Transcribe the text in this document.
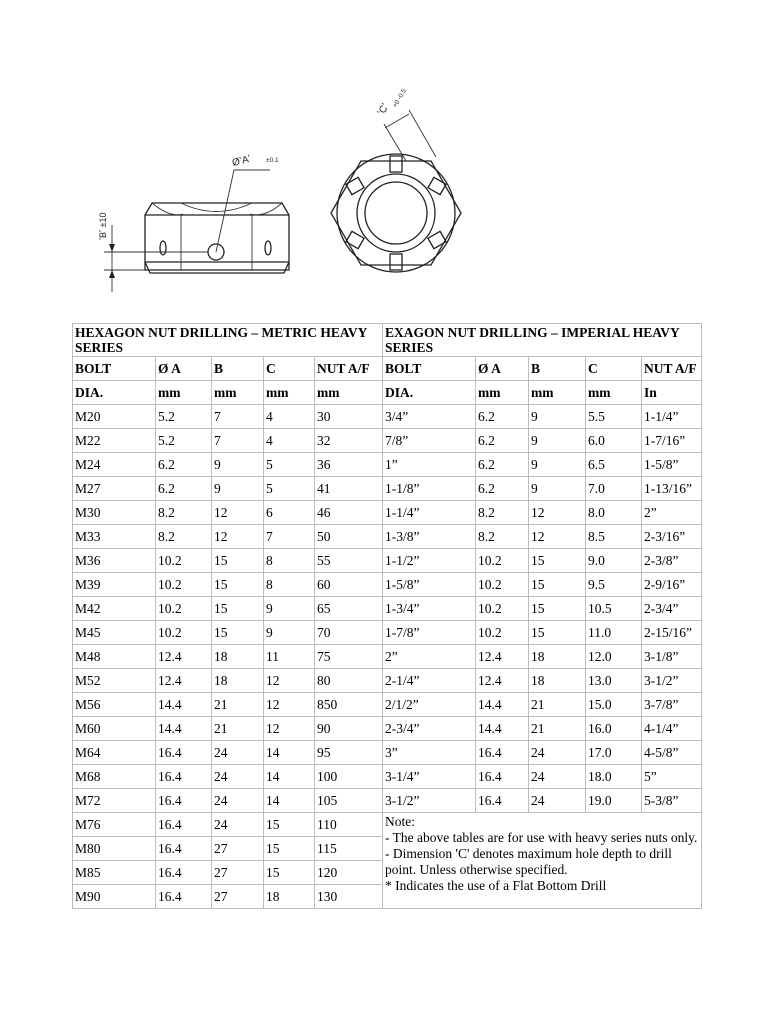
ØʼAʼ ±0.1
ʼBʼ ±10
ʼCʼ
+0 -0.5
HEXAGON NUT DRILLING – METRIC HEAVY SERIES					EXAGON NUT DRILLING – IMPERIAL HEAVY SERIES				
BOLT	Ø A	B	C	NUT A/F	BOLT	Ø A	B	C	NUT A/F
DIA.	mm	mm	mm	mm	DIA.	mm	mm	mm	In
M20	5.2	7	4	30	3/4”	6.2	9	5.5	1-1/4”
M22	5.2	7	4	32	7/8”	6.2	9	6.0	1-7/16”
M24	6.2	9	5	36	1”	6.2	9	6.5	1-5/8”
M27	6.2	9	5	41	1-1/8”	6.2	9	7.0	1-13/16”
M30	8.2	12	6	46	1-1/4”	8.2	12	8.0	2”
M33	8.2	12	7	50	1-3/8”	8.2	12	8.5	2-3/16”
M36	10.2	15	8	55	1-1/2”	10.2	15	9.0	2-3/8”
M39	10.2	15	8	60	1-5/8”	10.2	15	9.5	2-9/16”
M42	10.2	15	9	65	1-3/4”	10.2	15	10.5	2-3/4”
M45	10.2	15	9	70	1-7/8”	10.2	15	11.0	2-15/16”
M48	12.4	18	11	75	2”	12.4	18	12.0	3-1/8”
M52	12.4	18	12	80	2-1/4”	12.4	18	13.0	3-1/2”
M56	14.4	21	12	850	2/1/2”	14.4	21	15.0	3-7/8”
M60	14.4	21	12	90	2-3/4”	14.4	21	16.0	4-1/4”
M64	16.4	24	14	95	3”	16.4	24	17.0	4-5/8”
M68	16.4	24	14	100	3-1/4”	16.4	24	18.0	5”
M72	16.4	24	14	105	3-1/2”	16.4	24	19.0	5-3/8”
M76	16.4	24	15	110	Note:
- The above tables are for use with heavy series nuts only.
- Dimension 'C' denotes maximum hole depth to drill point. Unless otherwise specified.
* Indicates the use of a Flat Bottom Drill				

M80	16.4	27	15	115					
M85	16.4	27	15	120					
M90	16.4	27	18	130					
